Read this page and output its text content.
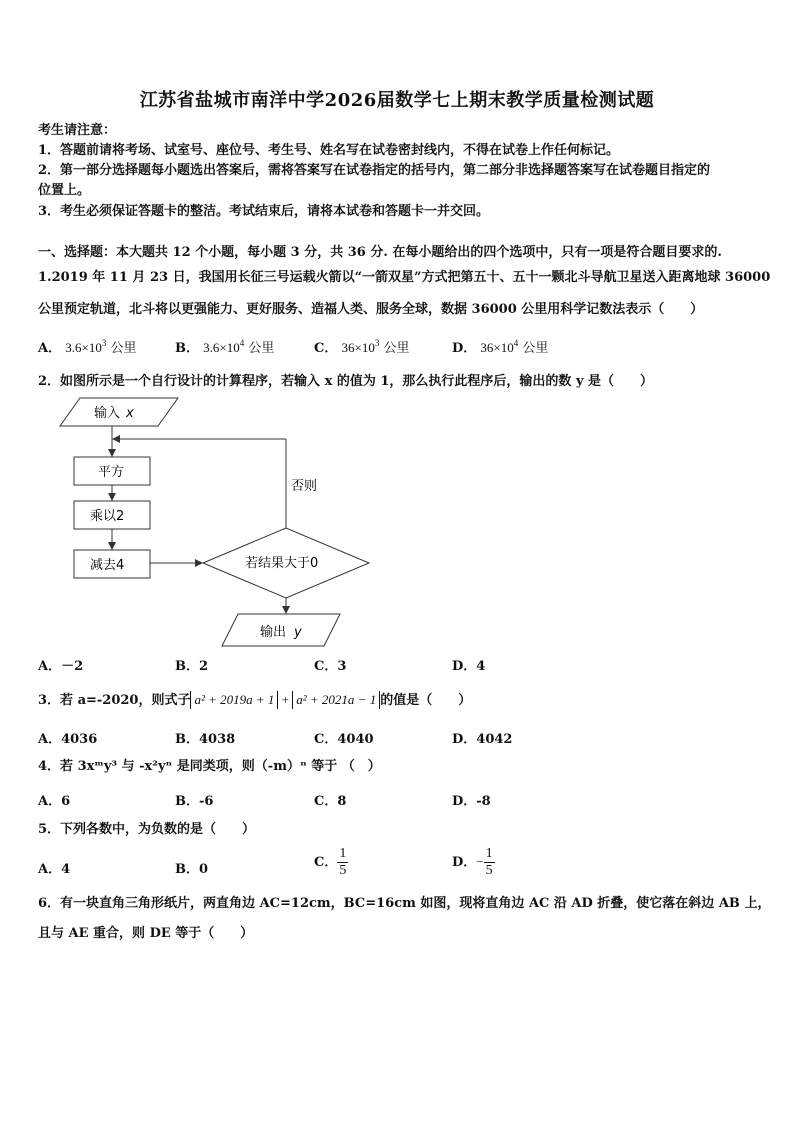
江苏省盐城市南洋中学2026届数学七上期末教学质量检测试题
考生请注意：
1．答题前请将考场、试室号、座位号、考生号、姓名写在试卷密封线内，不得在试卷上作任何标记。
2．第一部分选择题每小题选出答案后，需将答案写在试卷指定的括号内，第二部分非选择题答案写在试卷题目指定的
位置上。
3．考生必须保证答题卡的整洁。考试结束后，请将本试卷和答题卡一并交回。
一、选择题：本大题共 12 个小题，每小题 3 分，共 36 分. 在每小题给出的四个选项中，只有一项是符合题目要求的.
1.2019 年 11 月 23 日，我国用长征三号运载火箭以“一箭双星”方式把第五十、五十一颗北斗导航卫星送入距离地球 36000
公里预定轨道，北斗将以更强能力、更好服务、造福人类、服务全球，数据 36000 公里用科学记数法表示（　　）
A． $3.6\times 10^3$ 公里	B． $3.6\times 10^4$ 公里	C． $36\times 10^3$ 公里	D． $36\times 10^4$ 公里
2．如图所示是一个自行设计的计算程序，若输入 x 的值为 1，那么执行此程序后，输出的数 y 是（　　）
输入 x
平方
乘以2
减去4	若结果大于0
否则
输出 y
A．－2	B．2	C．3	D．4
3．若 a=-2020，则式子 a² + 2019a + 1 + a² + 2021a − 1 的值是（　　）
A．4036	B．4038	C．4040	D．4042
4．若 3xᵐy³ 与 -x²yⁿ 是同类项，则（-m）ⁿ 等于 （　）
A．6	B．-6	C．8	D．-8
5．下列各数中，为负数的是（　　）
A．4	B．0	C． $\frac{1}{5}$	D．− $\frac{1}{5}$
6．有一块直角三角形纸片，两直角边 AC=12cm，BC=16cm 如图，现将直角边 AC 沿 AD 折叠，使它落在斜边 AB 上，
且与 AE 重合，则 DE 等于（　　）
